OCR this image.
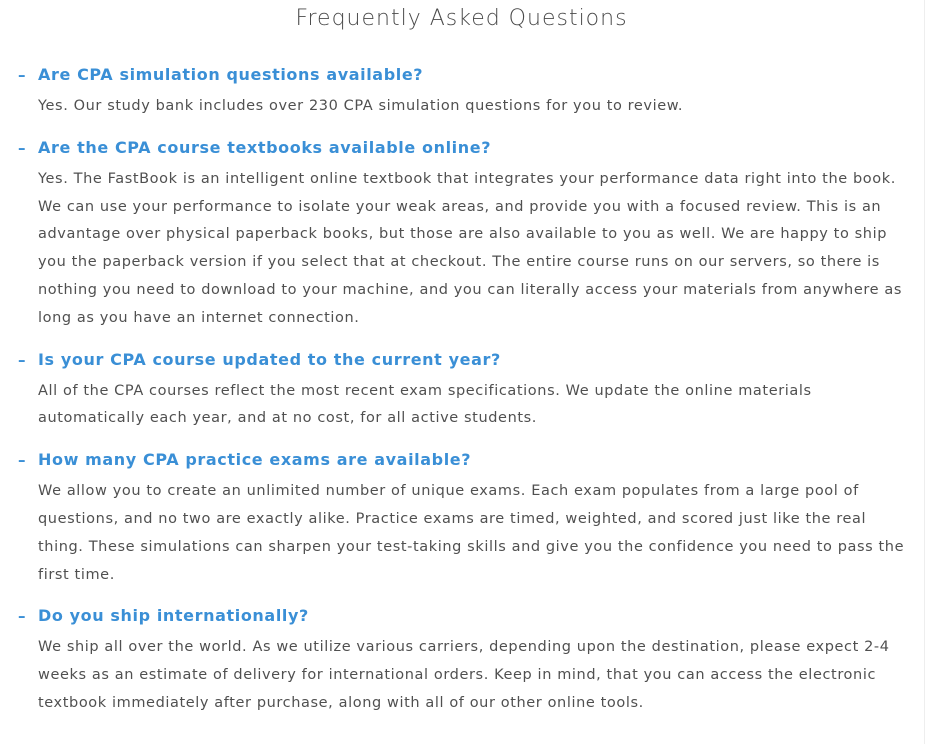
Frequently Asked Questions
– Are CPA simulation questions available?
Yes. Our study bank includes over 230 CPA simulation questions for you to review.
– Are the CPA course textbooks available online?
Yes. The FastBook is an intelligent online textbook that integrates your performance data right into the book. We can use your performance to isolate your weak areas, and provide you with a focused review. This is an advantage over physical paperback books, but those are also available to you as well. We are happy to ship you the paperback version if you select that at checkout. The entire course runs on our servers, so there is nothing you need to download to your machine, and you can literally access your materials from anywhere as long as you have an internet connection.
– Is your CPA course updated to the current year?
All of the CPA courses reflect the most recent exam specifications. We update the online materials automatically each year, and at no cost, for all active students.
– How many CPA practice exams are available?
We allow you to create an unlimited number of unique exams. Each exam populates from a large pool of questions, and no two are exactly alike. Practice exams are timed, weighted, and scored just like the real thing. These simulations can sharpen your test-taking skills and give you the confidence you need to pass the first time.
– Do you ship internationally?
We ship all over the world. As we utilize various carriers, depending upon the destination, please expect 2-4 weeks as an estimate of delivery for international orders. Keep in mind, that you can access the electronic textbook immediately after purchase, along with all of our other online tools.
